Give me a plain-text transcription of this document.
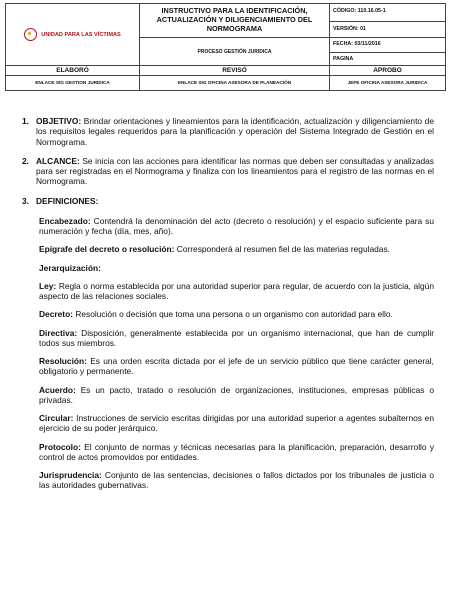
UNIDAD PARA LAS VÍCTIMAS	INSTRUCTIVO PARA LA IDENTIFICACIÓN, ACTUALIZACIÓN Y DILIGENCIAMIENTO DEL NORMOGRAMA	CÓDIGO: 110.16.05-1
VERSIÓN: 01

	PROCESO GESTIÓN JURIDICA	FECHA: 03/11/2016
PAGINA

ELABORÓ	REVISÓ	APROBO
ENLACE SIG GESTION JURIDICA	ENLACE SIG OFICINA ASESORA DE PLANEACIÓN	JEFE OFICINA ASESORA JURIDICA
1. OBJETIVO: Brindar orientaciones y lineamientos para la identificación, actualización y diligenciamiento de los requisitos legales requeridos para la planificación y operación del Sistema Integrado de Gestión en el Normograma.
2. ALCANCE: Se inicia con las acciones para identificar las normas que deben ser consultadas y analizadas para ser registradas en el Normograma y finaliza con los lineamientos para el registro de las normas en el Normograma.
3. DEFINICIONES:
Encabezado: Contendrá la denominación del acto (decreto o resolución) y el espacio suficiente para su numeración y fecha (día, mes, año).
Epígrafe del decreto o resolución: Corresponderá al resumen fiel de las materias reguladas.
Jerarquización:
Ley: Regla o norma establecida por una autoridad superior para regular, de acuerdo con la justicia, algún aspecto de las relaciones sociales.
Decreto: Resolución o decisión que toma una persona o un organismo con autoridad para ello.
Directiva: Disposición, generalmente establecida por un organismo internacional, que han de cumplir todos sus miembros.
Resolución: Es una orden escrita dictada por el jefe de un servicio público que tiene carácter general, obligatorio y permanente.
Acuerdo: Es un pacto, tratado o resolución de organizaciones, instituciones, empresas públicas o privadas.
Circular: Instrucciones de servicio escritas dirigidas por una autoridad superior a agentes subalternos en ejercicio de su poder jerárquico.
Protocolo: El conjunto de normas y técnicas necesarias para la planificación, preparación, desarrollo y control de actos promovidos por entidades.
Jurisprudencia: Conjunto de las sentencias, decisiones o fallos dictados por los tribunales de justicia o las autoridades gubernativas.
